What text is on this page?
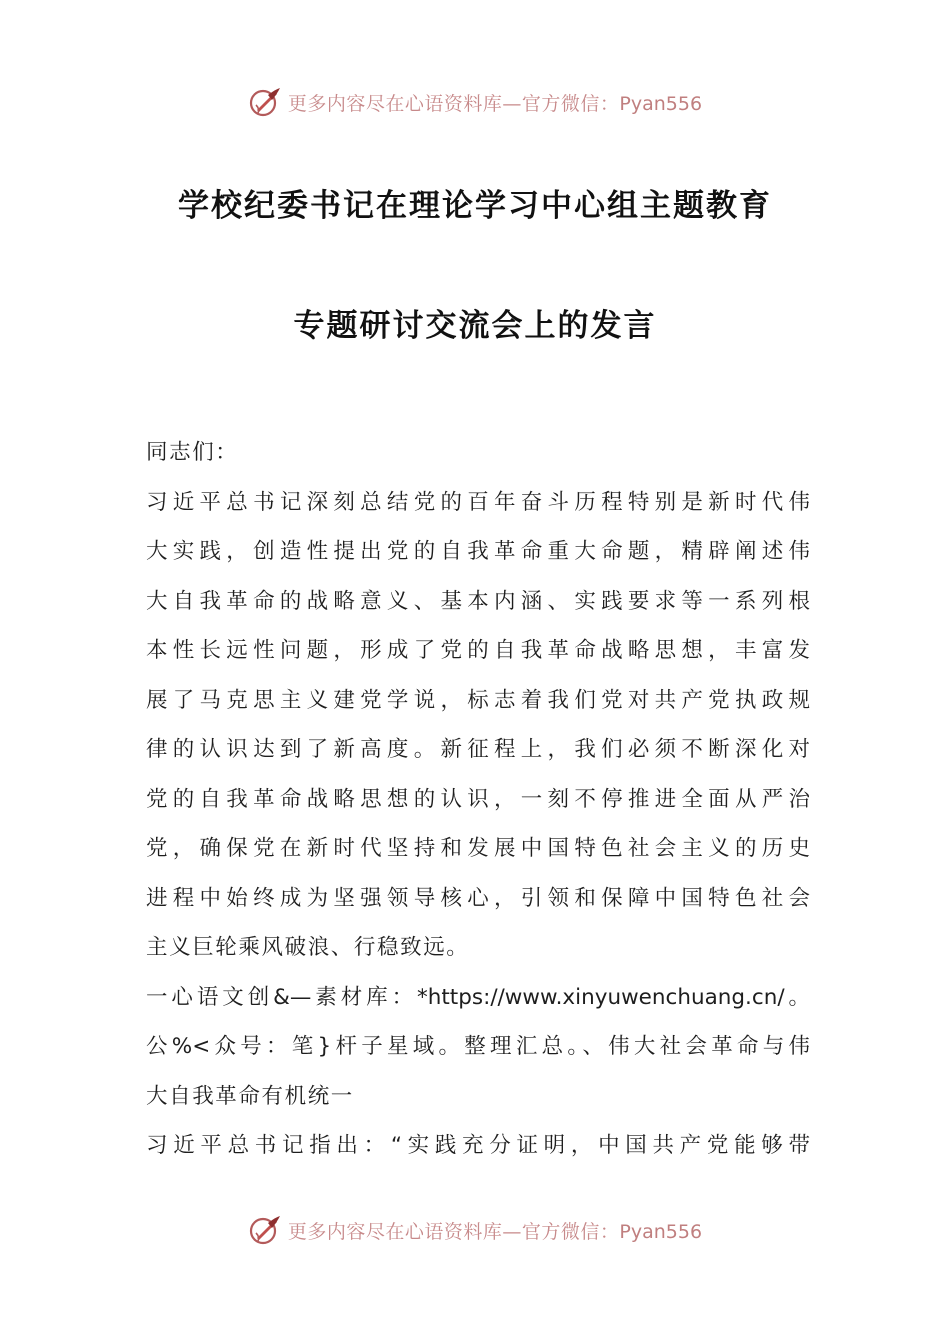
更多内容尽在心语资料库—官方微信：Pyan556
学校纪委书记在理论学习中心组主题教育
专题研讨交流会上的发言
同志们：
习近平总书记深刻总结党的百年奋斗历程特别是新时代伟
大实践，创造性提出党的自我革命重大命题，精辟阐述伟
大自我革命的战略意义、基本内涵、实践要求等一系列根
本性长远性问题，形成了党的自我革命战略思想，丰富发
展了马克思主义建党学说，标志着我们党对共产党执政规
律的认识达到了新高度。新征程上，我们必须不断深化对
党的自我革命战略思想的认识，一刻不停推进全面从严治
党，确保党在新时代坚持和发展中国特色社会主义的历史
进程中始终成为坚强领导核心，引领和保障中国特色社会
主义巨轮乘风破浪、行稳致远。
一心语文创&—素材库：*https://www.xinyuwenchuang.cn/。
公%<众号：笔}杆子星域。整理汇总。、伟大社会革命与伟
大自我革命有机统一
习近平总书记指出：“实践充分证明，中国共产党能够带
更多内容尽在心语资料库—官方微信：Pyan556
